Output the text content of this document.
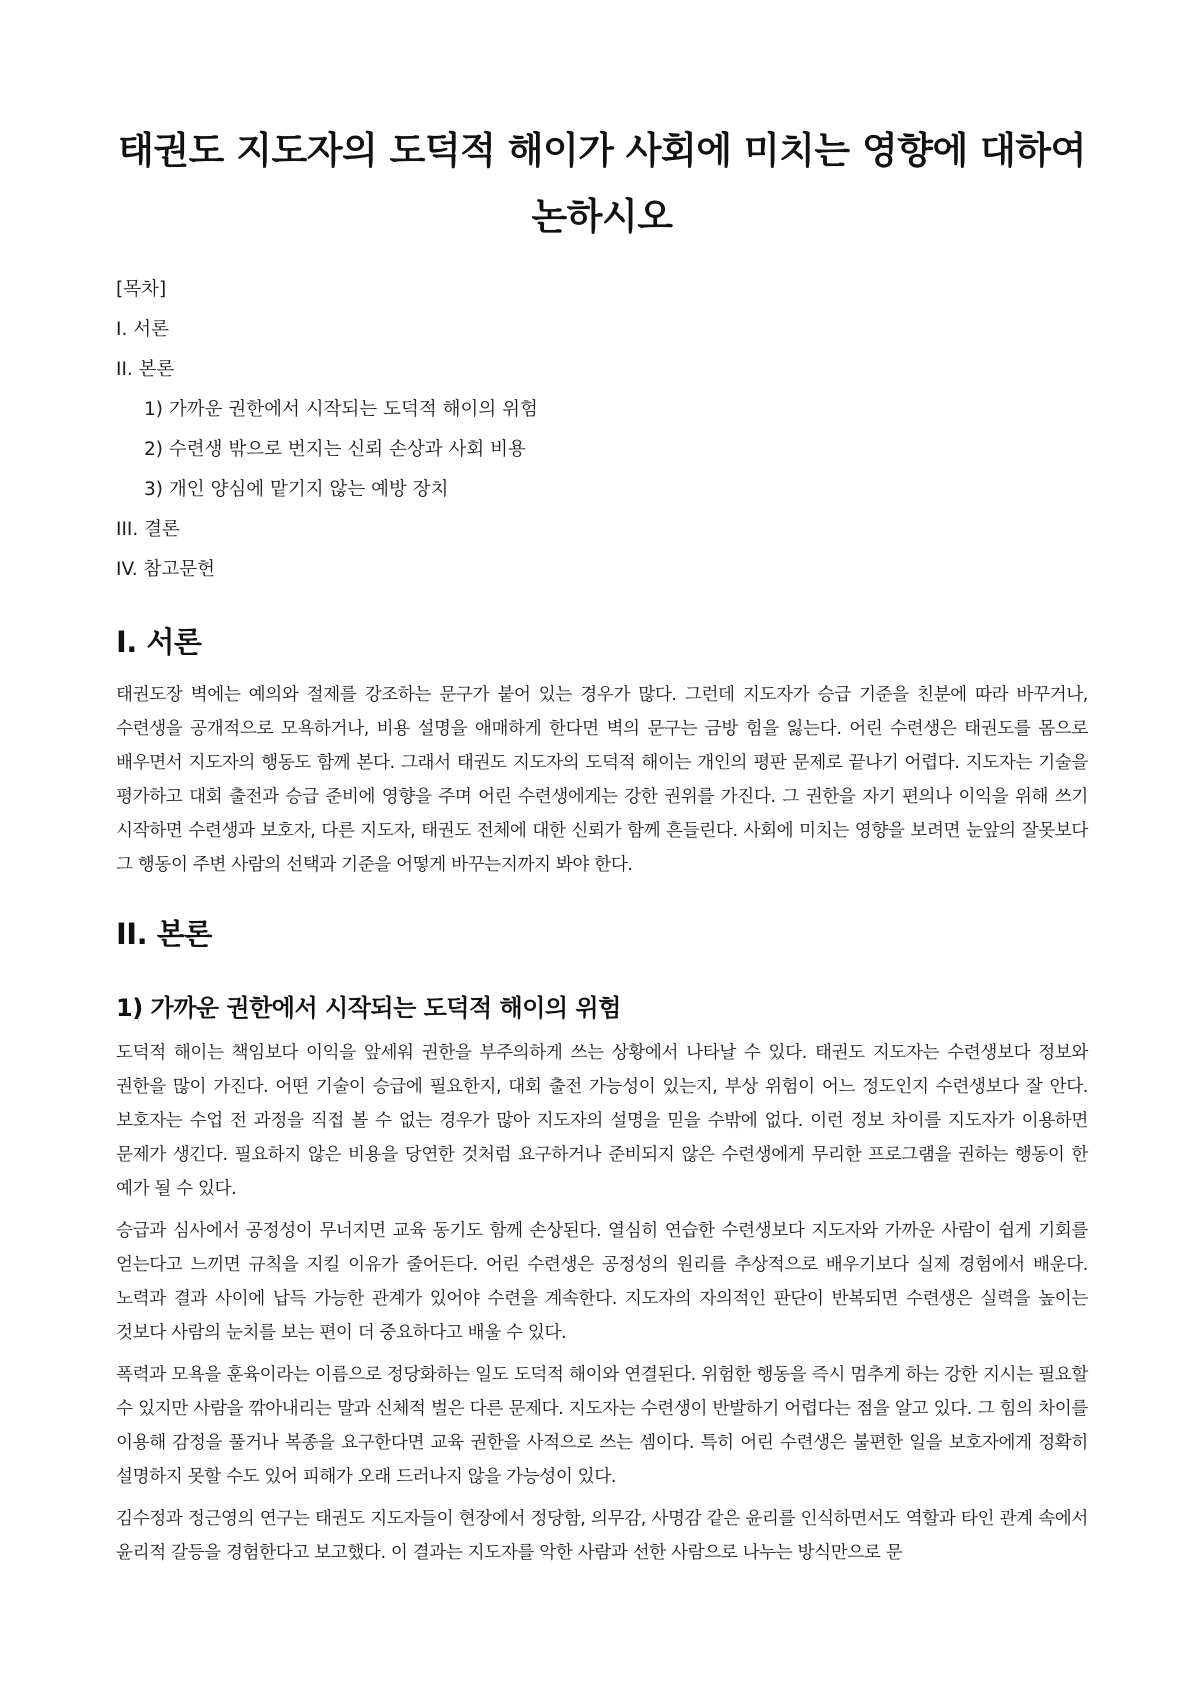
태권도 지도자의 도덕적 해이가 사회에 미치는 영향에 대하여
논하시오
[목차]
I. 서론
II. 본론
1) 가까운 권한에서 시작되는 도덕적 해이의 위험
2) 수련생 밖으로 번지는 신뢰 손상과 사회 비용
3) 개인 양심에 맡기지 않는 예방 장치
III. 결론
IV. 참고문헌
I. 서론

태권도장 벽에는 예의와 절제를 강조하는 문구가 붙어 있는 경우가 많다. 그런데 지도자가 승급 기준을 친분에 따라 바꾸거나, 수련생을 공개적으로 모욕하거나, 비용 설명을 애매하게 한다면 벽의 문구는 금방 힘을 잃는다. 어린 수련생은 태권도를 몸으로 배우면서 지도자의 행동도 함께 본다. 그래서 태권도 지도자의 도덕적 해이는 개인의 평판 문제로 끝나기 어렵다. 지도자는 기술을 평가하고 대회 출전과 승급 준비에 영향을 주며 어린 수련생에게는 강한 권위를 가진다. 그 권한을 자기 편의나 이익을 위해 쓰기 시작하면 수련생과 보호자, 다른 지도자, 태권도 전체에 대한 신뢰가 함께 흔들린다. 사회에 미치는 영향을 보려면 눈앞의 잘못보다 그 행동이 주변 사람의 선택과 기준을 어떻게 바꾸는지까지 봐야 한다.

II. 본론
1) 가까운 권한에서 시작되는 도덕적 해이의 위험

도덕적 해이는 책임보다 이익을 앞세워 권한을 부주의하게 쓰는 상황에서 나타날 수 있다. 태권도 지도자는 수련생보다 정보와 권한을 많이 가진다. 어떤 기술이 승급에 필요한지, 대회 출전 가능성이 있는지, 부상 위험이 어느 정도인지 수련생보다 잘 안다. 보호자는 수업 전 과정을 직접 볼 수 없는 경우가 많아 지도자의 설명을 믿을 수밖에 없다. 이런 정보 차이를 지도자가 이용하면 문제가 생긴다. 필요하지 않은 비용을 당연한 것처럼 요구하거나 준비되지 않은 수련생에게 무리한 프로그램을 권하는 행동이 한 예가 될 수 있다.

승급과 심사에서 공정성이 무너지면 교육 동기도 함께 손상된다. 열심히 연습한 수련생보다 지도자와 가까운 사람이 쉽게 기회를 얻는다고 느끼면 규칙을 지킬 이유가 줄어든다. 어린 수련생은 공정성의 원리를 추상적으로 배우기보다 실제 경험에서 배운다. 노력과 결과 사이에 납득 가능한 관계가 있어야 수련을 계속한다. 지도자의 자의적인 판단이 반복되면 수련생은 실력을 높이는 것보다 사람의 눈치를 보는 편이 더 중요하다고 배울 수 있다.

폭력과 모욕을 훈육이라는 이름으로 정당화하는 일도 도덕적 해이와 연결된다. 위험한 행동을 즉시 멈추게 하는 강한 지시는 필요할 수 있지만 사람을 깎아내리는 말과 신체적 벌은 다른 문제다. 지도자는 수련생이 반발하기 어렵다는 점을 알고 있다. 그 힘의 차이를 이용해 감정을 풀거나 복종을 요구한다면 교육 권한을 사적으로 쓰는 셈이다. 특히 어린 수련생은 불편한 일을 보호자에게 정확히 설명하지 못할 수도 있어 피해가 오래 드러나지 않을 가능성이 있다.

김수정과 정근영의 연구는 태권도 지도자들이 현장에서 정당함, 의무감, 사명감 같은 윤리를 인식하면서도 역할과 타인 관계 속에서 윤리적 갈등을 경험한다고 보고했다. 이 결과는 지도자를 악한 사람과 선한 사람으로 나누는 방식만으로 문
